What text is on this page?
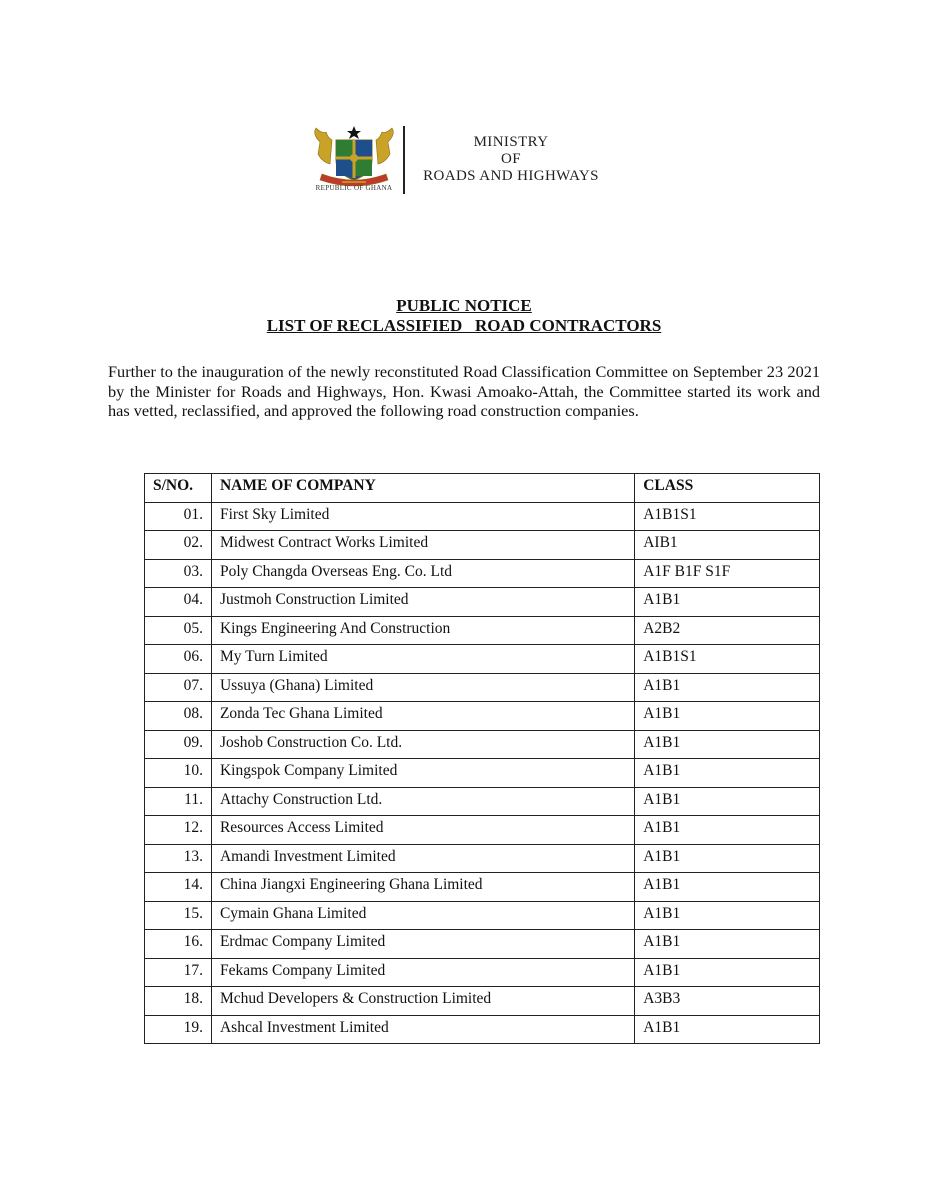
REPUBLIC OF GHANA
MINISTRY
OF
ROADS AND HIGHWAYS
PUBLIC NOTICE
LIST OF RECLASSIFIED   ROAD CONTRACTORS
Further to the inauguration of the newly reconstituted Road Classification Committee on September 23 2021 by the Minister for Roads and Highways, Hon. Kwasi Amoako-Attah, the Committee started its work and has vetted, reclassified, and approved the following road construction companies.
S/NO.	NAME OF COMPANY	CLASS
01.	First Sky Limited	A1B1S1
02.	Midwest Contract Works Limited	AIB1
03.	Poly Changda Overseas Eng. Co. Ltd	A1F B1F S1F
04.	Justmoh Construction Limited	A1B1
05.	Kings Engineering And Construction	A2B2
06.	My Turn Limited	A1B1S1
07.	Ussuya (Ghana) Limited	A1B1
08.	Zonda Tec Ghana Limited	A1B1
09.	Joshob Construction Co. Ltd.	A1B1
10.	Kingspok Company Limited	A1B1
11.	Attachy Construction Ltd.	A1B1
12.	Resources Access Limited	A1B1
13.	Amandi Investment Limited	A1B1
14.	China Jiangxi Engineering Ghana Limited	A1B1
15.	Cymain Ghana Limited	A1B1
16.	Erdmac Company Limited	A1B1
17.	Fekams Company Limited	A1B1
18.	Mchud Developers & Construction Limited	A3B3
19.	Ashcal Investment Limited	A1B1
